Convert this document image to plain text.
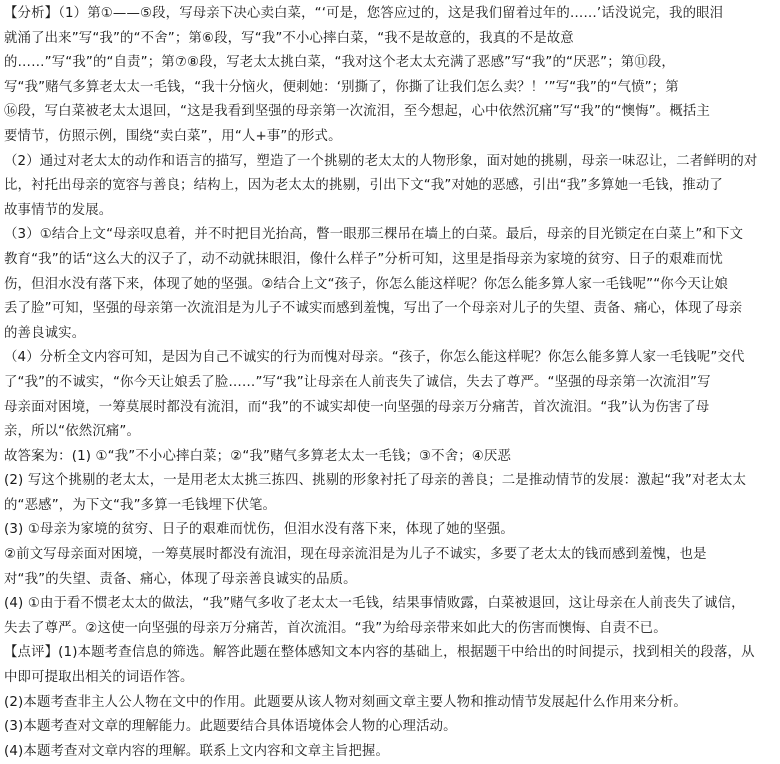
【分析】（1）第①——⑤段，写母亲下决心卖白菜，“‘可是，您答应过的，这是我们留着过年的……’话没说完，我的眼泪
就涌了出来”写“我”的“不舍”；第⑥段，写“我”不小心摔白菜，“我不是故意的，我真的不是故意
的……”写“我”的“自责”；第⑦⑧段，写老太太挑白菜，“我对这个老太太充满了恶感”写“我”的“厌恶”；第⑪段，
写“我”赌气多算老太太一毛钱，“我十分恼火，便刺她：‘别撕了，你撕了让我们怎么卖？！’”写“我”的“气愤”；第
⑯段，写白菜被老太太退回，“这是我看到坚强的母亲第一次流泪，至今想起，心中依然沉痛”写“我”的“懊悔”。概括主
要情节，仿照示例，围绕“卖白菜”，用“人+事”的形式。
（2）通过对老太太的动作和语言的描写，塑造了一个挑剔的老太太的人物形象，面对她的挑剔，母亲一味忍让，二者鲜明的对
比，衬托出母亲的宽容与善良；结构上，因为老太太的挑剔，引出下文“我”对她的恶感，引出“我”多算她一毛钱，推动了
故事情节的发展。
（3）①结合上文“母亲叹息着，并不时把目光抬高，瞥一眼那三棵吊在墙上的白菜。最后，母亲的目光锁定在白菜上”和下文
教育“我”的话“这么大的汉子了，动不动就抹眼泪，像什么样子”分析可知，这里是指母亲为家境的贫穷、日子的艰难而忧
伤，但泪水没有落下来，体现了她的坚强。②结合上文“孩子，你怎么能这样呢？你怎么能多算人家一毛钱呢”“你今天让娘
丢了脸”可知，坚强的母亲第一次流泪是为儿子不诚实而感到羞愧，写出了一个母亲对儿子的失望、责备、痛心，体现了母亲
的善良诚实。
（4）分析全文内容可知，是因为自己不诚实的行为而愧对母亲。“孩子，你怎么能这样呢？你怎么能多算人家一毛钱呢”交代
了“我”的不诚实，“你今天让娘丢了脸……”写“我”让母亲在人前丧失了诚信，失去了尊严。“坚强的母亲第一次流泪”写
母亲面对困境，一筹莫展时都没有流泪，而“我”的不诚实却使一向坚强的母亲万分痛苦，首次流泪。“我”认为伤害了母
亲，所以“依然沉痛”。
故答案为：(1) ①“我”不小心摔白菜；②“我”赌气多算老太太一毛钱；③不舍；④厌恶
(2) 写这个挑剔的老太太，一是用老太太挑三拣四、挑剔的形象衬托了母亲的善良；二是推动情节的发展：激起“我”对老太太
的“恶感”，为下文“我”多算一毛钱埋下伏笔。
(3) ①母亲为家境的贫穷、日子的艰难而忧伤，但泪水没有落下来，体现了她的坚强。
②前文写母亲面对困境，一筹莫展时都没有流泪，现在母亲流泪是为儿子不诚实，多要了老太太的钱而感到羞愧，也是
对“我”的失望、责备、痛心，体现了母亲善良诚实的品质。
(4) ①由于看不惯老太太的做法，“我”赌气多收了老太太一毛钱，结果事情败露，白菜被退回，这让母亲在人前丧失了诚信，
失去了尊严。②这使一向坚强的母亲万分痛苦，首次流泪。“我”为给母亲带来如此大的伤害而懊悔、自责不已。
【点评】(1)本题考查信息的筛选。解答此题在整体感知文本内容的基础上，根据题干中给出的时间提示，找到相关的段落，从
中即可提取出相关的词语作答。
(2)本题考查非主人公人物在文中的作用。此题要从该人物对刻画文章主要人物和推动情节发展起什么作用来分析。
(3)本题考查对文章的理解能力。此题要结合具体语境体会人物的心理活动。
(4)本题考查对文章内容的理解。联系上文内容和文章主旨把握。
